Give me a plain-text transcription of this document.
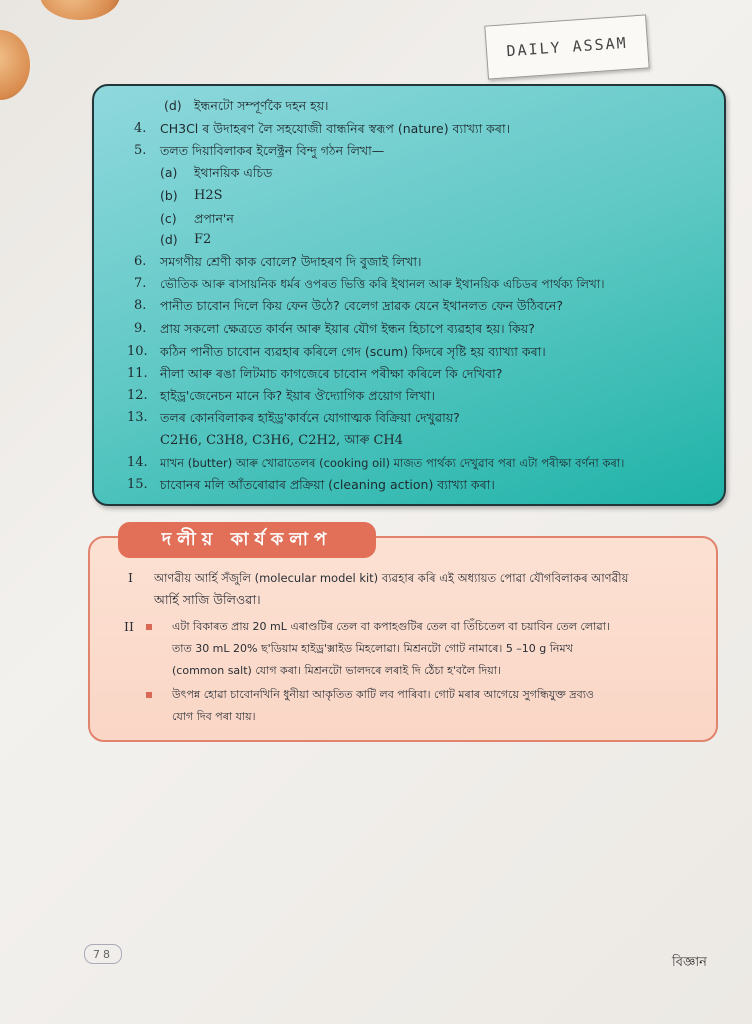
DAILY ASSAM
(d) ইন্ধনটো সম্পূৰ্ণকৈ দহন হয়।
4. CH3Cl ৰ উদাহৰণ লৈ সহযোজী বান্ধনিৰ স্বৰূপ (nature) ব্যাখ্যা কৰা।
5. তলত দিয়াবিলাকৰ ইলেক্ট্ৰন বিন্দু গঠন লিখা—
(a) ইথানয়িক এচিড
(b) H2S
(c) প্ৰপান'ন
(d) F2
6. সমগণীয় শ্ৰেণী কাক বোলে? উদাহৰণ দি বুজাই লিখা।
7. ভৌতিক আৰু ৰাসায়নিক ধৰ্মৰ ওপৰত ভিত্তি কৰি ইথানল আৰু ইথানয়িক এচিডৰ পাৰ্থক্য লিখা।
8. পানীত চাবোন দিলে কিয় ফেন উঠে? বেলেগ দ্ৰাৱক যেনে ইথানলত ফেন উঠিবনে?
9. প্ৰায় সকলো ক্ষেত্ৰতে কাৰ্বন আৰু ইয়াৰ যৌগ ইন্ধন হিচাপে ব্যৱহাৰ হয়। কিয়?
10. কঠিন পানীত চাবোন ব্যৱহাৰ কৰিলে গেদ (scum) কিদৰে সৃষ্টি হয় ব্যাখ্যা কৰা।
11. নীলা আৰু ৰঙা লিটমাচ কাগজেৰে চাবোন পৰীক্ষা কৰিলে কি দেখিবা?
12. হাইড্ৰ'জেনেচন মানে কি? ইয়াৰ ঔদ্যোগিক প্ৰয়োগ লিখা।
13. তলৰ কোনবিলাকৰ হাইড্ৰ'কাৰ্বনে যোগাত্মক বিক্ৰিয়া দেখুৱায়?
C2H6, C3H8, C3H6, C2H2, আৰু CH4
14. মাখন (butter) আৰু খোৱাতেলৰ (cooking oil) মাজত পাৰ্থক্য দেখুৱাব পৰা এটা পৰীক্ষা বৰ্ণনা কৰা।
15. চাবোনৰ মলি আঁতৰোৱাৰ প্ৰক্ৰিয়া (cleaning action) ব্যাখ্যা কৰা।
দলীয় কাৰ্যকলাপ
I আণৱীয় আৰ্হি সঁজুলি (molecular model kit) ব্যৱহাৰ কৰি এই অধ্যায়ত পোৱা যৌগবিলাকৰ আণৱীয়
আৰ্হি সাজি উলিওৱা।
II	এটা বিকাৰত প্ৰায় 20 mL এৰাণ্ডটিৰ তেল বা কপাহগুটিৰ তেল বা তিঁচিতেল বা চয়াবিন তেল লোৱা।
তাত 30 mL 20% ছ'ডিয়াম হাইড্ৰ'ক্সাইড মিহলোৱা। মিশ্ৰনটো গোট নামাৰে। 5 –10 g নিমখ
(common salt) যোগ কৰা। মিশ্ৰনটো ভালদৰে লৰাই দি ঠেঁচা হ'বলৈ দিয়া।
উৎপন্ন হোৱা চাবোনখিনি ধুনীয়া আকৃতিত কাটি লব পাৰিবা। গোট মৰাৰ আগেয়ে সুগন্ধিযুক্ত দ্ৰব্যও
যোগ দিব পৰা যায়।
78
বিজ্ঞান
